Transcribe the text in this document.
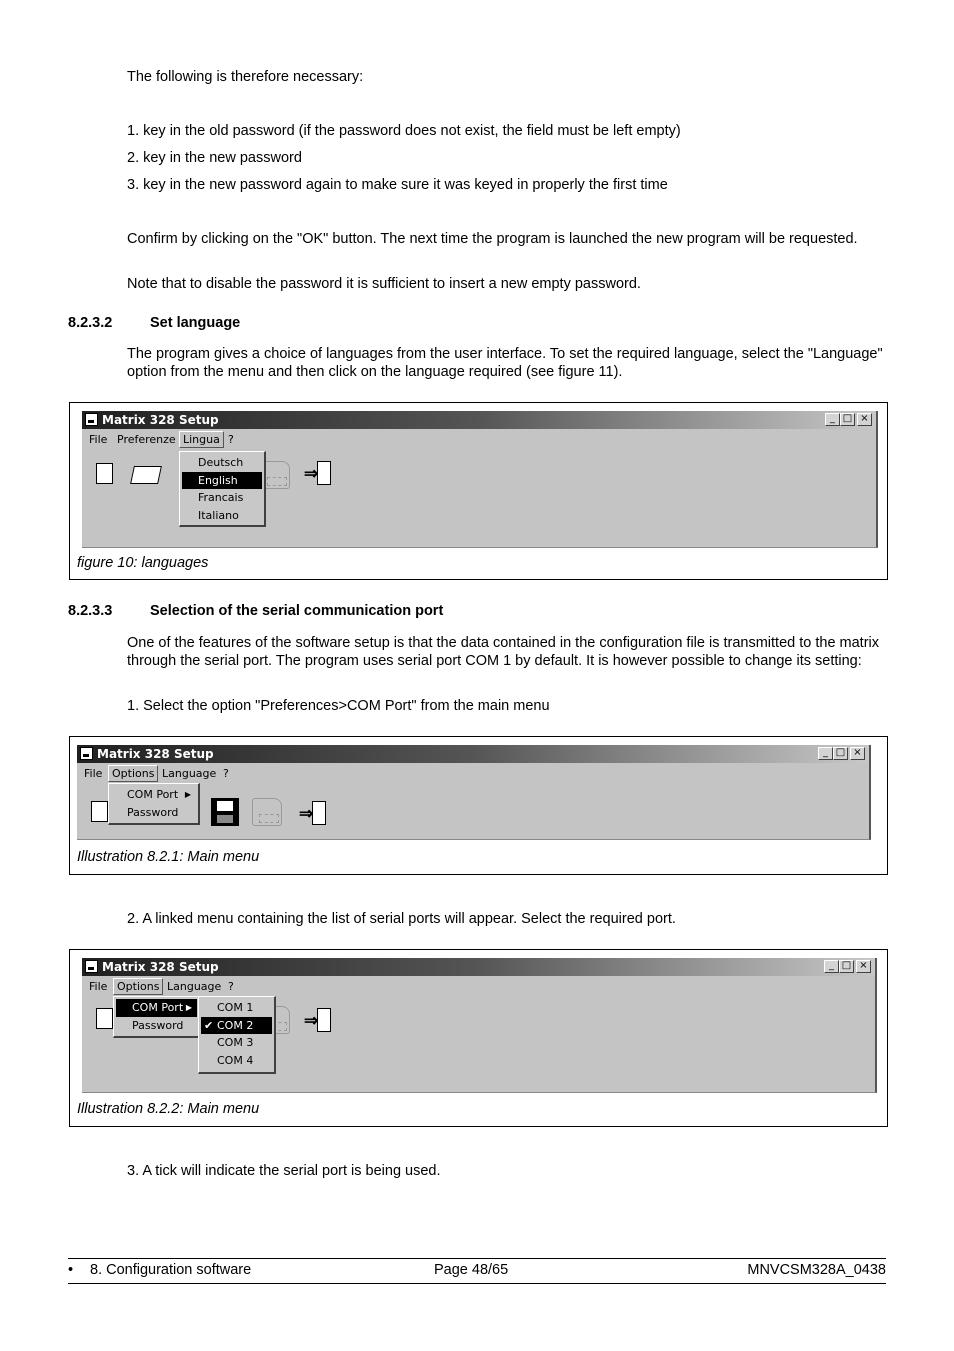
The following is therefore necessary:

1. key in the old password (if the password does not exist, the field must be left empty)

2. key in the new password

3. key in the new password again to make sure it was keyed in properly the first time

Confirm by clicking on the "OK" button. The next time the program is launched the new program will be requested.

Note that to disable the password it is sufficient to insert a new empty password.

8.2.3.2	Set language

The program gives a choice of languages from the user interface. To set the required language, select the "Language" option from the menu and then click on the language required (see figure 11).

Matrix 328 Setup	_ □ ×
File Preferenze Lingua ?
⇒
Deutsch
English
Francais
Italiano
figure 10: languages
8.2.3.3	Selection of the serial communication port

One of the features of the software setup is that the data contained in the configuration file is transmitted to the matrix through the serial port. The program uses serial port COM 1 by default. It is however possible to change its setting:

1. Select the option "Preferences>COM Port" from the main menu

Matrix 328 Setup	_ □ ×
File Options Language ?
⇒
COM Port ▶
Password
Illustration 8.2.1: Main menu

2. A linked menu containing the list of serial ports will appear. Select the required port.

Matrix 328 Setup	_ □ ×
File Options Language ?
⇒
COM Port ▶
Password
COM 1
✔ COM 2
COM 3
COM 4
Illustration 8.2.2: Main menu

3. A tick will indicate the serial port is being used.

• 8. Configuration software	Page 48/65	MNVCSM328A_0438
